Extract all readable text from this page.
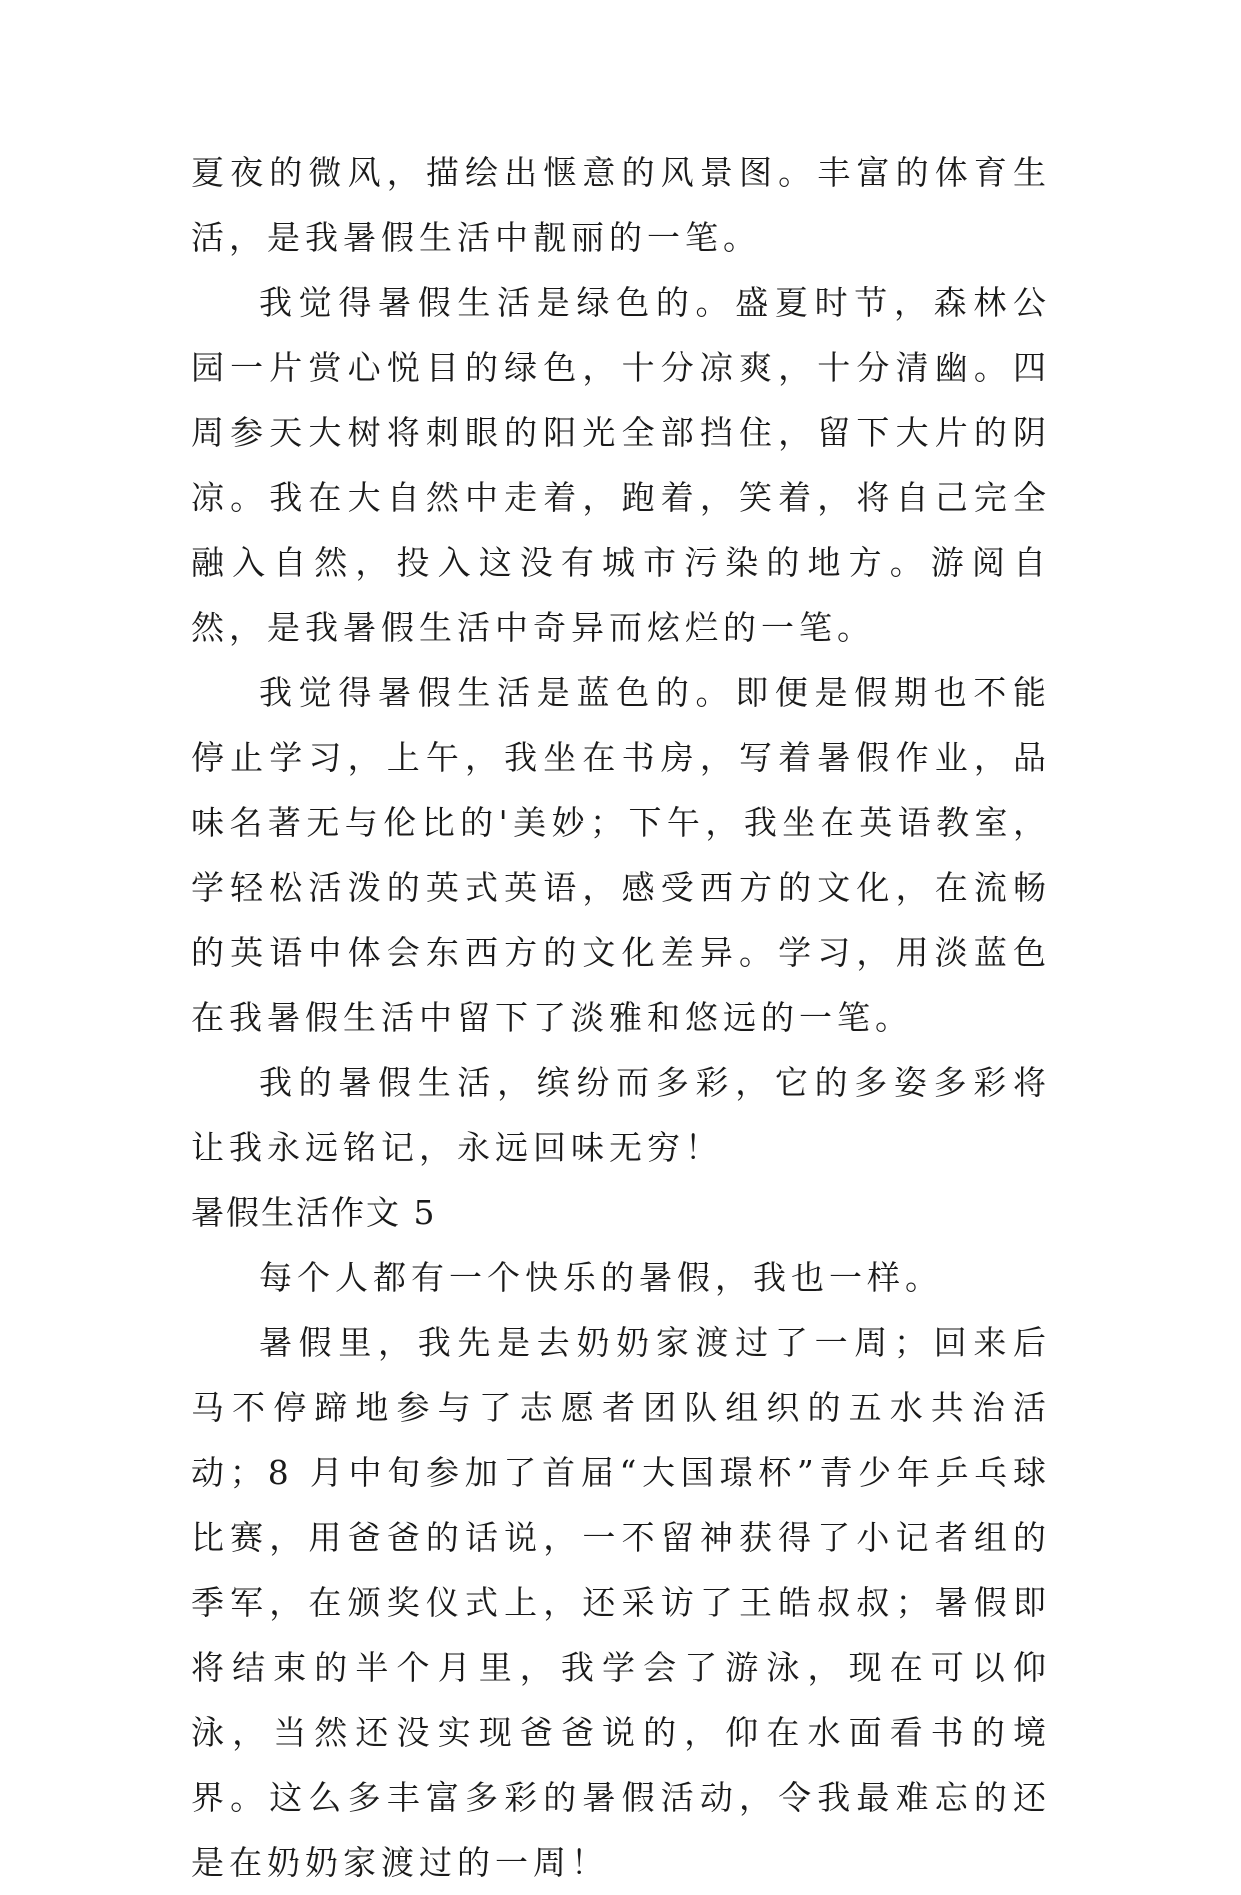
夏夜的微风，描绘出惬意的风景图。丰富的体育生活，是我暑假生活中靓丽的一笔。

我觉得暑假生活是绿色的。盛夏时节，森林公园一片赏心悦目的绿色，十分凉爽，十分清幽。四周参天大树将刺眼的阳光全部挡住，留下大片的阴凉。我在大自然中走着，跑着，笑着，将自己完全融入自然，投入这没有城市污染的地方。游阅自然，是我暑假生活中奇异而炫烂的一笔。

我觉得暑假生活是蓝色的。即便是假期也不能停止学习，上午，我坐在书房，写着暑假作业，品味名著无与伦比的'美妙；下午，我坐在英语教室，学轻松活泼的英式英语，感受西方的文化，在流畅的英语中体会东西方的文化差异。学习，用淡蓝色在我暑假生活中留下了淡雅和悠远的一笔。

我的暑假生活，缤纷而多彩，它的多姿多彩将让我永远铭记，永远回味无穷！

暑假生活作文 5

每个人都有一个快乐的暑假，我也一样。

暑假里，我先是去奶奶家渡过了一周；回来后马不停蹄地参与了志愿者团队组织的五水共治活动；8 月中旬参加了首届“大国璟杯”青少年乒乓球比赛，用爸爸的话说，一不留神获得了小记者组的季军，在颁奖仪式上，还采访了王皓叔叔；暑假即将结束的半个月里，我学会了游泳，现在可以仰泳，当然还没实现爸爸说的，仰在水面看书的境界。这么多丰富多彩的暑假活动，令我最难忘的还是在奶奶家渡过的一周！
